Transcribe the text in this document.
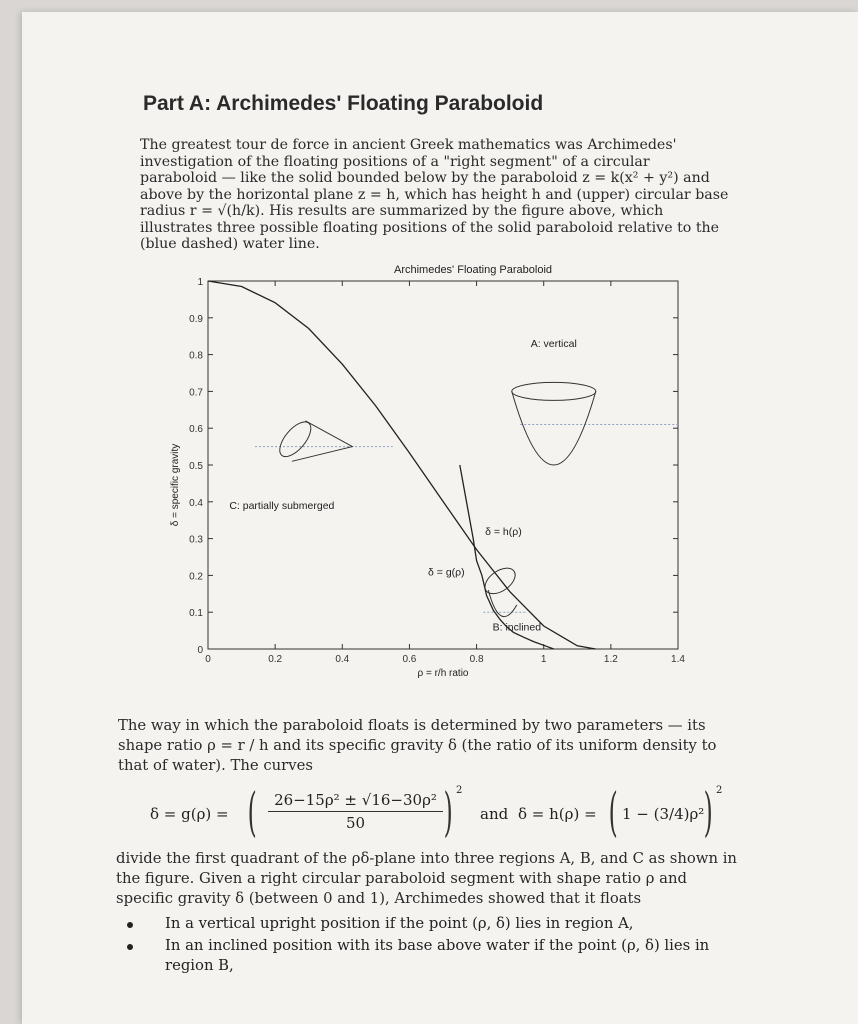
Part A: Archimedes' Floating Paraboloid
The greatest tour de force in ancient Greek mathematics was Archimedes' investigation of the floating positions of a "right segment" of a circular paraboloid — like the solid bounded below by the paraboloid z = k(x² + y²) and above by the horizontal plane z = h, which has height h and (upper) circular base radius r = √(h/k). His results are summarized by the figure above, which illustrates three possible floating positions of the solid paraboloid relative to the (blue dashed) water line.
0	0.2	0.4	0.6	0.8	1	1.2	1.4
0
0.1
0.2
0.3
0.4
0.5
0.6
0.7
0.8
0.9
1
Archimedes' Floating Paraboloid
ρ = r/h ratio
δ = specific gravity
A: vertical
C: partially submerged
δ = h(ρ)
δ = g(ρ)
B: inclined
The way in which the paraboloid floats is determined by two parameters — its shape ratio ρ = r / h and its specific gravity δ (the ratio of its uniform density to that of water). The curves
δ = g(ρ) = (	26−15ρ² ± √16−30ρ²
50	) 2
and δ = h(ρ) = ( 1 − (3/4)ρ² ) 2
divide the first quadrant of the ρδ-plane into three regions A, B, and C as shown in the figure. Given a right circular paraboloid segment with shape ratio ρ and specific gravity δ (between 0 and 1), Archimedes showed that it floats
In a vertical upright position if the point (ρ, δ) lies in region A,
In an inclined position with its base above water if the point (ρ, δ) lies in region B,
